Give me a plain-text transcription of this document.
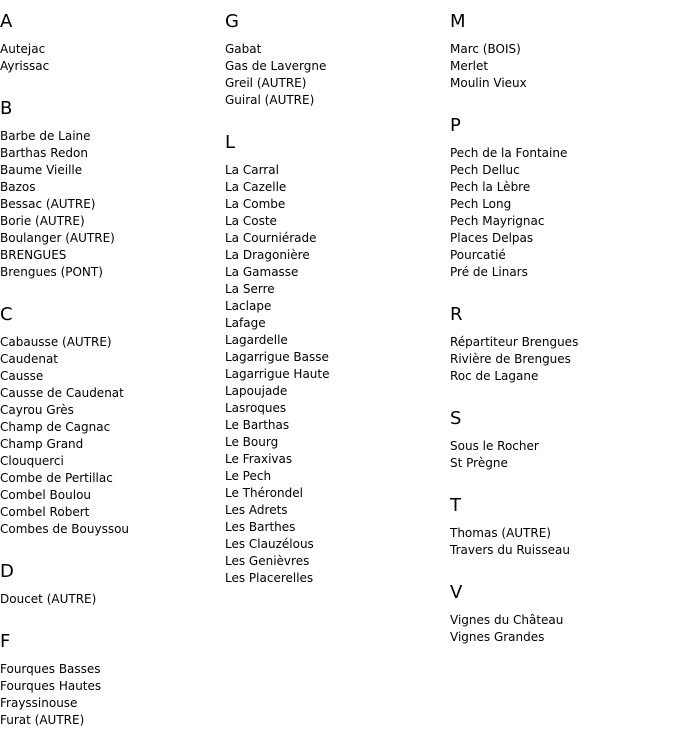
A
Autejac
Ayrissac
B
Barbe de Laine
Barthas Redon
Baume Vieille
Bazos
Bessac (AUTRE)
Borie (AUTRE)
Boulanger (AUTRE)
BRENGUES
Brengues (PONT)
C
Cabausse (AUTRE)
Caudenat
Causse
Causse de Caudenat
Cayrou Grès
Champ de Cagnac
Champ Grand
Clouquerci
Combe de Pertillac
Combel Boulou
Combel Robert
Combes de Bouyssou
D
Doucet (AUTRE)
F
Fourques Basses
Fourques Hautes
Frayssinouse
Furat (AUTRE)
G
Gabat
Gas de Lavergne
Greil (AUTRE)
Guiral (AUTRE)
L
La Carral
La Cazelle
La Combe
La Coste
La Courniérade
La Dragonière
La Gamasse
La Serre
Laclape
Lafage
Lagardelle
Lagarrigue Basse
Lagarrigue Haute
Lapoujade
Lasroques
Le Barthas
Le Bourg
Le Fraxivas
Le Pech
Le Thérondel
Les Adrets
Les Barthes
Les Clauzélous
Les Genièvres
Les Placerelles
M
Marc (BOIS)
Merlet
Moulin Vieux
P
Pech de la Fontaine
Pech Delluc
Pech la Lèbre
Pech Long
Pech Mayrignac
Places Delpas
Pourcatié
Pré de Linars
R
Répartiteur Brengues
Rivière de Brengues
Roc de Lagane
S
Sous le Rocher
St Prègne
T
Thomas (AUTRE)
Travers du Ruisseau
V
Vignes du Château
Vignes Grandes
